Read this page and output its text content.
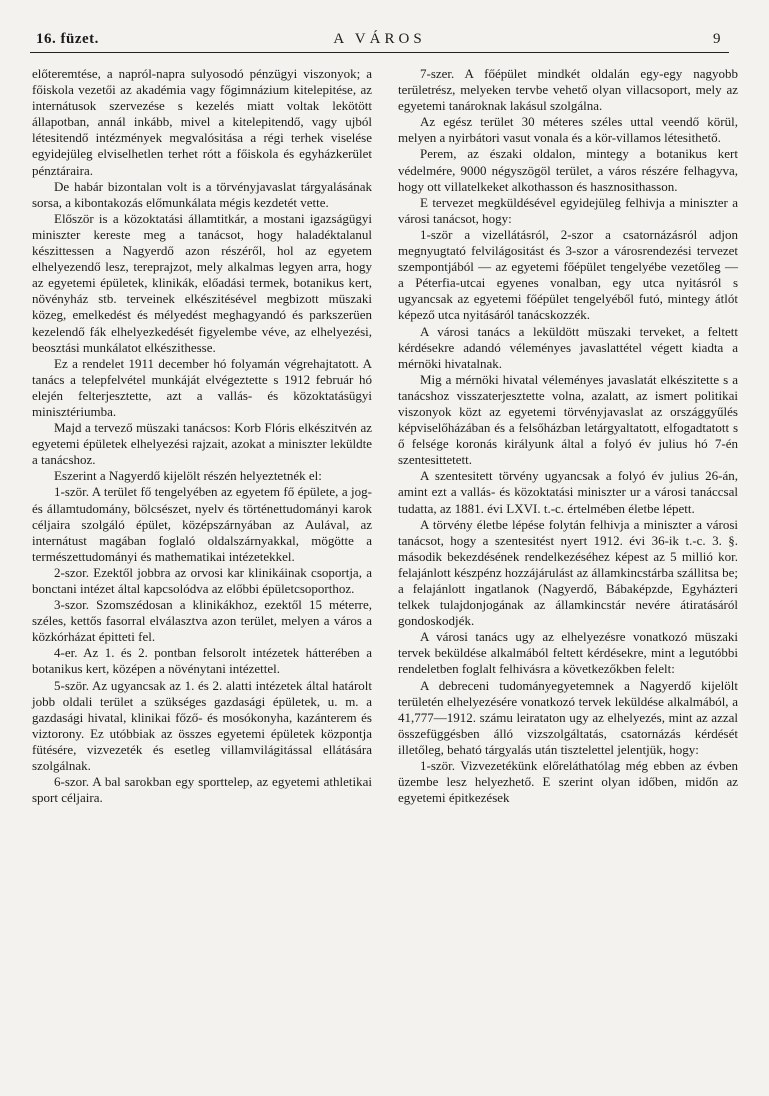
16. füzet.	A VÁROS	9

előteremtése, a napról-napra sulyosodó pénzügyi viszonyok; a főiskola vezetői az akadémia vagy főgimnázium kitelepitése, az internátusok szervezése s kezelés miatt voltak lekötött állapotban, annál inkább, mivel a kitelepitendő, vagy ujból létesitendő intézmények megvalósitása a régi terhek viselése egyidejüleg elviselhetlen terhet rótt a főiskola és egyházkerület pénztáraira.

De habár bizontalan volt is a törvényjavaslat tárgyalásának sorsa, a kibontakozás előmunkálata mégis kezdetét vette.

Először is a közoktatási államtitkár, a mostani igazságügyi miniszter kereste meg a tanácsot, hogy haladéktalanul készittessen a Nagyerdő azon részéről, hol az egyetem elhelyezendő lesz, tereprajzot, mely alkalmas legyen arra, hogy az egyetemi épületek, klinikák, előadási termek, botanikus kert, növényház stb. terveinek elkészitésével megbizott müszaki közeg, emelkedést és mélyedést meghagyandó és parkszerüen kezelendő fák elhelyezkedését figyelembe véve, az elhelyezési, beosztási munkálatot elkészithesse.

Ez a rendelet 1911 december hó folyamán végrehajtatott. A tanács a telepfelvétel munkáját elvégeztette s 1912 február hó elején felterjesztette, azt a vallás- és közoktatásügyi minisztériumba.

Majd a tervező müszaki tanácsos: Korb Flóris elkészitvén az egyetemi épületek elhelyezési rajzait, azokat a miniszter leküldte a tanácshoz.

Eszerint a Nagyerdő kijelölt részén helyeztetnék el:

1-ször. A terület fő tengelyében az egyetem fő épülete, a jog- és államtudomány, bölcsészet, nyelv és történettudományi karok céljaira szolgáló épület, középszárnyában az Aulával, az internátust magában foglaló oldalszárnyakkal, mögötte a természettudományi és mathematikai intézetekkel.

2-szor. Ezektől jobbra az orvosi kar klinikáinak csoportja, a bonctani intézet által kapcsolódva az előbbi épületcsoporthoz.

3-szor. Szomszédosan a klinikákhoz, ezektől 15 méterre, széles, kettős fasorral elválasztva azon terület, melyen a város a közkórházat épitteti fel.

4-er. Az 1. és 2. pontban felsorolt intézetek hátterében a botanikus kert, középen a növénytani intézettel.

5-ször. Az ugyancsak az 1. és 2. alatti intézetek által határolt jobb oldali terület a szükséges gazdasági épületek, u. m. a gazdasági hivatal, klinikai főző- és mosókonyha, kazánterem és viztorony. Ez utóbbiak az összes egyetemi épületek központja fütésére, vizvezeték és esetleg villamvilágitással ellátására szolgálnak.

6-szor. A bal sarokban egy sporttelep, az egyetemi athletikai sport céljaira.

7-szer. A főépület mindkét oldalán egy-egy nagyobb területrész, melyeken tervbe vehető olyan villacsoport, mely az egyetemi tanároknak lakásul szolgálna.

Az egész terület 30 méteres széles uttal veendő körül, melyen a nyirbátori vasut vonala és a kör-villamos létesithető.

Perem, az északi oldalon, mintegy a botanikus kert védelmére, 9000 négyszögöl terület, a város részére felhagyva, hogy ott villatelkeket alkothasson és hasznosithasson.

E tervezet megküldésével egyidejüleg felhivja a miniszter a városi tanácsot, hogy:

1-ször a vizellátásról, 2-szor a csatornázásról adjon megnyugtató felvilágositást és 3-szor a városrendezési tervezet szempontjából — az egyetemi főépület tengelyébe vezetőleg — a Péterfia-utcai egyenes vonalban, egy utca nyitásról s ugyancsak az egyetemi főépület tengelyéből futó, mintegy átlót képező utca nyitásáról tanácskozzék.

A városi tanács a leküldött müszaki terveket, a feltett kérdésekre adandó véleményes javaslattétel végett kiadta a mérnöki hivatalnak.

Mig a mérnöki hivatal véleményes javaslatát elkészitette s a tanácshoz visszaterjesztette volna, azalatt, az ismert politikai viszonyok közt az egyetemi törvényjavaslat az országgyűlés képviselőházában és a felsőházban letárgyaltatott, elfogadtatott s ő felsége koronás királyunk által a folyó év julius hó 7-én szentesittetett.

A szentesitett törvény ugyancsak a folyó év julius 26-án, amint ezt a vallás- és közoktatási miniszter ur a városi tanáccsal tudatta, az 1881. évi LXVI. t.-c. értelmében életbe lépett.

A törvény életbe lépése folytán felhivja a miniszter a városi tanácsot, hogy a szentesitést nyert 1912. évi 36-ik t.-c. 3. §. második bekezdésének rendelkezéséhez képest az 5 millió kor. felajánlott készpénz hozzájárulást az államkincstárba szállitsa be; a felajánlott ingatlanok (Nagyerdő, Bábaképzde, Egyházteri telkek tulajdonjogának az államkincstár nevére átiratásáról gondoskodjék.

A városi tanács ugy az elhelyezésre vonatkozó müszaki tervek beküldése alkalmából feltett kérdésekre, mint a legutóbbi rendeletben foglalt felhivásra a következőkben felelt:

A debreceni tudományegyetemnek a Nagyerdő kijelölt területén elhelyezésére vonatkozó tervek leküldése alkalmából, a 41,777—1912. számu leirataton ugy az elhelyezés, mint az azzal összefüggésben álló vizszolgáltatás, csatornázás kérdését illetőleg, beható tárgyalás után tisztelettel jelentjük, hogy:

1-ször. Vizvezetékünk előreláthatólag még ebben az évben üzembe lesz helyezhető. E szerint olyan időben, midőn az egyetemi épitkezések
